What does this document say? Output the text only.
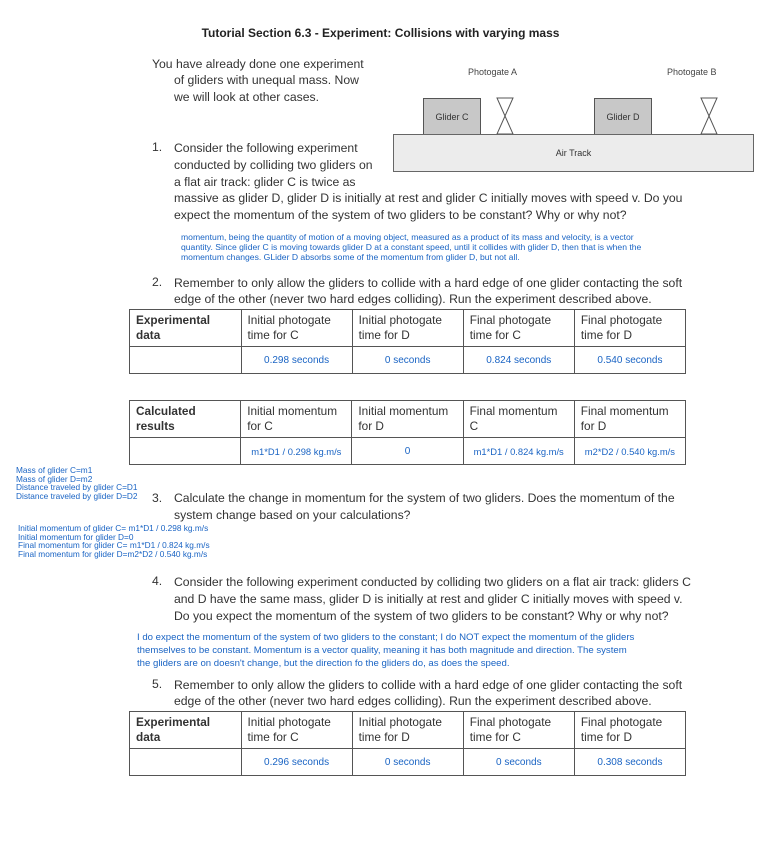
Tutorial Section 6.3 - Experiment: Collisions with varying mass
You have already done one experiment
of gliders with unequal mass. Now
we will look at other cases.
Photogate A	Photogate B
Glider C	Glider D
Air Track
1. Consider the following experiment
conducted by colliding two gliders on
a flat air track: glider C is twice as
massive as glider D, glider D is initially at rest and glider C initially moves with speed v. Do you
expect the momentum of the system of two gliders to be constant? Why or why not?
momentum, being the quantity of motion of a moving object, measured as a product of its mass and velocity, is a vector
quantity. Since glider C is moving towards glider D at a constant speed, until it collides with glider D, then that is when the
momentum changes. GLider D absorbs some of the momentum from glider D, but not all.
2. Remember to only allow the gliders to collide with a hard edge of one glider contacting the soft
edge of the other (never two hard edges colliding). Run the experiment described above.
Experimental data	Initial photogate time for C	Initial photogate time for D	Final photogate time for C	Final photogate time for D
	0.298 seconds	0 seconds	0.824 seconds	0.540 seconds
Calculated results	Initial momentum for C	Initial momentum for D	Final momentum C	Final momentum for D
	m1*D1 / 0.298 kg.m/s	0	m1*D1 / 0.824 kg.m/s	m2*D2 / 0.540 kg.m/s
Mass of glider C=m1
Mass of glider D=m2
Distance traveled by glider C=D1
Distance traveled by glider D=D2 3. Calculate the change in momentum for the system of two gliders. Does the momentum of the
system change based on your calculations?
Initial momentum of glider C= m1*D1 / 0.298 kg.m/s
Initial momentum for glider D=0
Final momentum for glider C= m1*D1 / 0.824 kg.m/s
Final momentum for glider D=m2*D2 / 0.540 kg.m/s
4. Consider the following experiment conducted by colliding two gliders on a flat air track: gliders C
and D have the same mass, glider D is initially at rest and glider C initially moves with speed v.
Do you expect the momentum of the system of two gliders to be constant? Why or why not?
I do expect the momentum of the system of two gliders to the constant; I do NOT expect the momentum of the gliders
themselves to be constant. Momentum is a vector quality, meaning it has both magnitude and direction. The system
the gliders are on doesn't change, but the direction fo the gliders do, as does the speed.
5. Remember to only allow the gliders to collide with a hard edge of one glider contacting the soft
edge of the other (never two hard edges colliding). Run the experiment described above.
Experimental data	Initial photogate time for C	Initial photogate time for D	Final photogate time for C	Final photogate time for D
	0.296 seconds	0 seconds	0 seconds	0.308 seconds
